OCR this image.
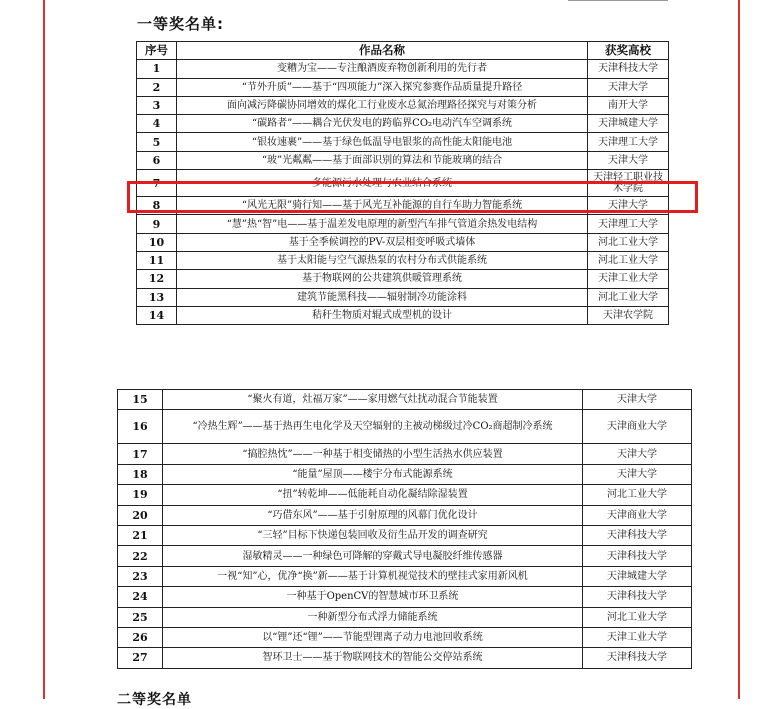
一等奖名单:
序号	作品名称	获奖高校
1	变糟为宝——专注酿酒废弃物创新利用的先行者	天津科技大学
2	“节外升质”——基于“四项能力”深入探究参赛作品质量提升路径	天津大学
3	面向减污降碳协同增效的煤化工行业废水总氮治理路径探究与对策分析	南开大学
4	“碳路者”——耦合光伏发电的跨临界CO₂电动汽车空调系统	天津城建大学
5	“银妆速裹”——基于绿色低温导电银浆的高性能太阳能电池	天津理工大学
6	“玻”光粼粼——基于面部识别的算法和节能玻璃的结合	天津大学
7	多能源污水处理与农业结合系统	天津轻工职业技术学院
8	“风光无限”骑行知——基于风光互补能源的自行车助力智能系统	天津大学
9	“慧”热“智”电——基于温差发电原理的新型汽车排气管道余热发电结构	天津理工大学
10	基于全季候调控的PV-双层相变呼吸式墙体	河北工业大学
11	基于太阳能与空气源热泵的农村分布式供能系统	河北工业大学
12	基于物联网的公共建筑供暖管理系统	天津工业大学
13	建筑节能黑科技——辐射制冷功能涂料	河北工业大学
14	秸秆生物质对辊式成型机的设计	天津农学院
15	“聚火有道，灶福万家”——家用燃气灶扰动混合节能装置	天津大学
16	“冷热生辉”——基于热再生电化学及天空辐射的主被动梯级过冷CO₂商超制冷系统	天津商业大学
17	“搞腔热忱”——一种基于相变储热的小型生活热水供应装置	天津大学
18	“能量”屋顶——楼宇分布式能源系统	天津大学
19	“扭”转乾坤——低能耗自动化凝结除湿装置	河北工业大学
20	“巧借东风”——基于引射原理的风幕门优化设计	天津商业大学
21	“三轻”目标下快递包装回收及衍生品开发的调查研究	天津科技大学
22	湿敏精灵——一种绿色可降解的穿戴式导电凝胶纤维传感器	天津科技大学
23	一视“知”心，优净“换”新——基于计算机视觉技术的壁挂式家用新风机	天津城建大学
24	一种基于OpenCV的智慧城市环卫系统	天津科技大学
25	一种新型分布式浮力储能系统	河北工业大学
26	以“锂”还“锂”——节能型锂离子动力电池回收系统	天津工业大学
27	智环卫士——基于物联网技术的智能公交停站系统	天津科技大学
二等奖名单
